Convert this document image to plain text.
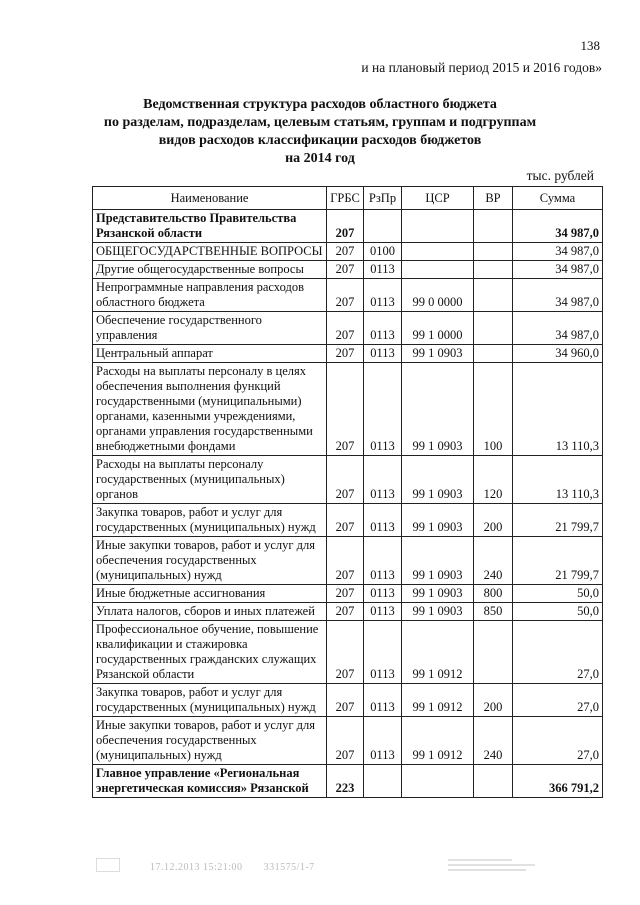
138
и на плановый период 2015 и 2016 годов»
Ведомственная структура расходов областного бюджета
по разделам, подразделам, целевым статьям, группам и подгруппам
видов расходов классификации расходов бюджетов
на 2014 год
тыс. рублей
Наименование	ГРБС	РзПр	ЦСР	ВР	Сумма
Представительство Правительства Рязанской области	207				34 987,0
ОБЩЕГОСУДАРСТВЕННЫЕ ВОПРОСЫ	207	0100			34 987,0
Другие общегосударственные вопросы	207	0113			34 987,0
Непрограммные направления расходов областного бюджета	207	0113	99 0 0000		34 987,0
Обеспечение государственного управления	207	0113	99 1 0000		34 987,0
Центральный аппарат	207	0113	99 1 0903		34 960,0
Расходы на выплаты персоналу в целях обеспечения выполнения функций государственными (муниципальными) органами, казенными учреждениями, органами управления государственными внебюджетными фондами	207	0113	99 1 0903	100	13 110,3
Расходы на выплаты персоналу государственных (муниципальных) органов	207	0113	99 1 0903	120	13 110,3
Закупка товаров, работ и услуг для государственных (муниципальных) нужд	207	0113	99 1 0903	200	21 799,7
Иные закупки товаров, работ и услуг для обеспечения государственных (муниципальных) нужд	207	0113	99 1 0903	240	21 799,7
Иные бюджетные ассигнования	207	0113	99 1 0903	800	50,0
Уплата налогов, сборов и иных платежей	207	0113	99 1 0903	850	50,0
Профессиональное обучение, повышение квалификации и стажировка государственных гражданских служащих Рязанской области	207	0113	99 1 0912		27,0
Закупка товаров, работ и услуг для государственных (муниципальных) нужд	207	0113	99 1 0912	200	27,0
Иные закупки товаров, работ и услуг для обеспечения государственных (муниципальных) нужд	207	0113	99 1 0912	240	27,0
Главное управление «Региональная энергетическая комиссия» Рязанской	223				366 791,2
17.12.2013 15:21:00 331575/1-7
